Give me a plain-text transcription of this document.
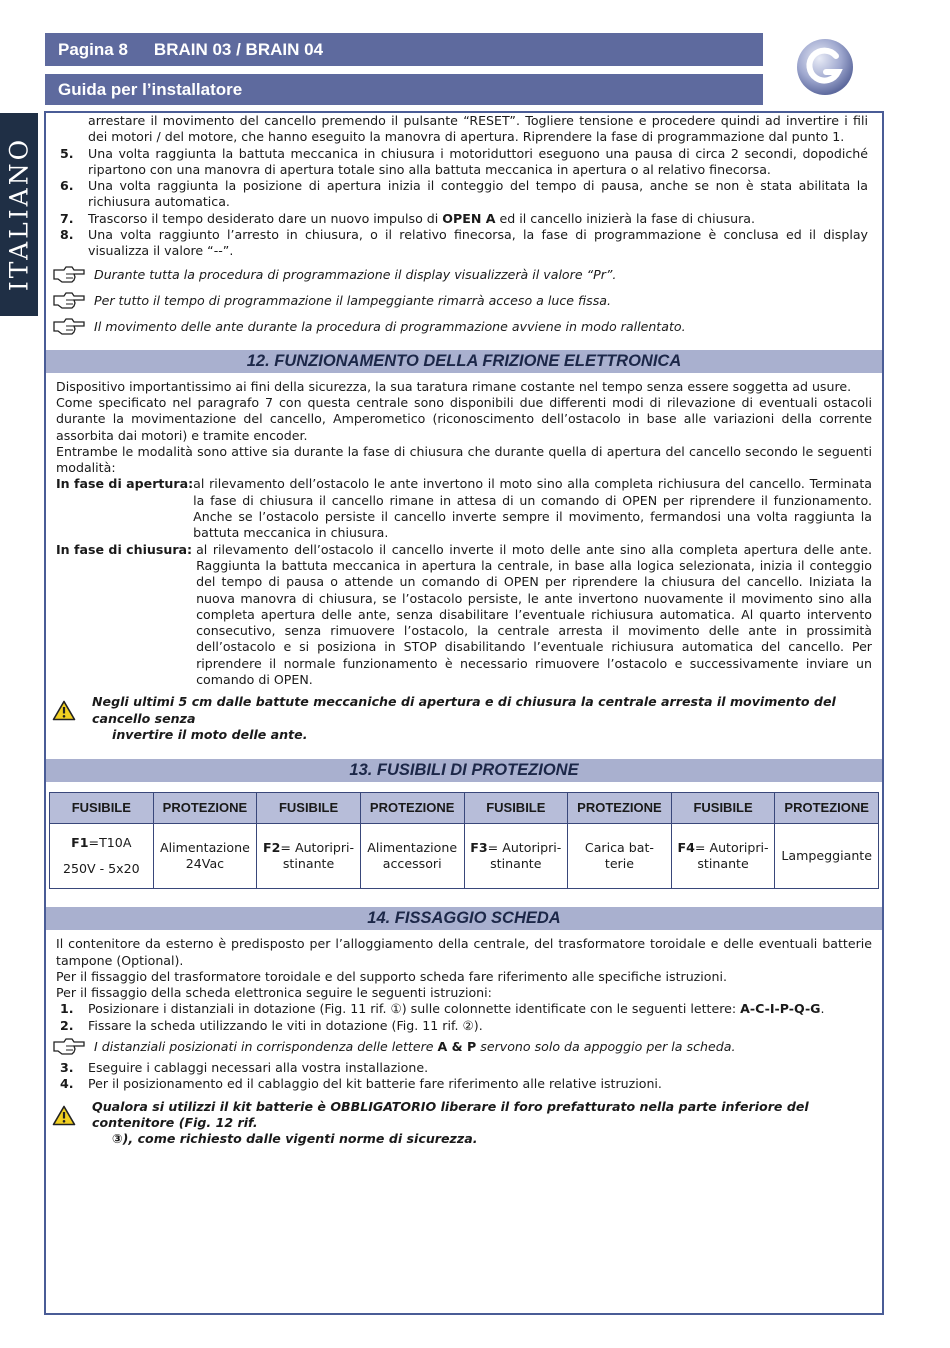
Pagina 8 BRAIN 03 / BRAIN 04
Guida per l’installatore
ITALIANO
arrestare il movimento del cancello premendo il pulsante “RESET”. Togliere tensione e procedere quindi ad invertire i fili dei motori / del motore, che hanno eseguito la manovra di apertura. Riprendere la fase di programmazione dal punto 1.
5.	Una volta raggiunta la battuta meccanica in chiusura i motoriduttori eseguono una pausa di circa 2 secondi, dopodiché ripartono con una manovra di apertura totale sino alla battuta meccanica in apertura o al relativo finecorsa.
6.	Una volta raggiunta la posizione di apertura inizia il conteggio del tempo di pausa, anche se non è stata abilitata la richiusura automatica.
7.	Trascorso il tempo desiderato dare un nuovo impulso di OPEN A ed il cancello inizierà la fase di chiusura.
8.	Una volta raggiunto l’arresto in chiusura, o il relativo finecorsa, la fase di programmazione è conclusa ed il display visualizza il valore “--”.
Durante tutta la procedura di programmazione il display visualizzerà il valore “Pr”.
Per tutto il tempo di programmazione il lampeggiante rimarrà acceso a luce fissa.
Il movimento delle ante durante la procedura di programmazione avviene in modo rallentato.
12. FUNZIONAMENTO DELLA FRIZIONE ELETTRONICA
Dispositivo importantissimo ai fini della sicurezza, la sua taratura rimane costante nel tempo senza essere soggetta ad usure.
Come specificato nel paragrafo 7 con questa centrale sono disponibili due differenti modi di rilevazione di eventuali ostacoli durante la movimentazione del cancello, Amperometico (riconoscimento dell’ostacolo in base alle variazioni della corrente assorbita dai motori) e tramite encoder.
Entrambe le modalità sono attive sia durante la fase di chiusura che durante quella di apertura del cancello secondo le seguenti modalità:
In fase di apertura: al rilevamento dell’ostacolo le ante invertono il moto sino alla completa richiusura del cancello. Terminata la fase di chiusura il cancello rimane in attesa di un comando di OPEN per riprendere il funzionamento. Anche se l’ostacolo persiste il cancello inverte sempre il movimento, fermandosi una volta raggiunta la battuta meccanica in chiusura.
In fase di chiusura: al rilevamento dell’ostacolo il cancello inverte il moto delle ante sino alla completa apertura delle ante. Raggiunta la battuta meccanica in apertura la centrale, in base alla logica selezionata, inizia il conteggio del tempo di pausa o attende un comando di OPEN per riprendere la chiusura del cancello. Iniziata la nuova manovra di chiusura, se l’ostacolo persiste, le ante invertono nuovamente il movimento sino alla completa apertura delle ante, senza disabilitare l’eventuale richiusura automatica. Al quarto intervento consecutivo, senza rimuovere l’ostacolo, la centrale arresta il movimento delle ante in prossimità dell’ostacolo e si posiziona in STOP disabilitando l’eventuale richiusura automatica del cancello. Per riprendere il normale funzionamento è necessario rimuovere l’ostacolo e successivamente inviare un comando di OPEN.
Negli ultimi 5 cm dalle battute meccaniche di apertura e di chiusura la centrale arresta il movimento del cancello senza
invertire il moto delle ante.
13. FUSIBILI DI PROTEZIONE
FUSIBILE	PROTEZIONE	FUSIBILE	PROTEZIONE	FUSIBILE	PROTEZIONE	FUSIBILE	PROTEZIONE
F1=T10A
250V - 5x20	Alimentazione 24Vac	F2= Autoripri-stinante	Alimentazione accessori	F3= Autoripri-stinante	Carica bat-terie	F4= Autoripri-stinante	Lampeggiante
14. FISSAGGIO SCHEDA
Il contenitore da esterno è predisposto per l’alloggiamento della centrale, del trasformatore toroidale e delle eventuali batterie tampone (Optional).
Per il fissaggio del trasformatore toroidale e del supporto scheda fare riferimento alle specifiche istruzioni.
Per il fissaggio della scheda elettronica seguire le seguenti istruzioni:
1.	Posizionare i distanziali in dotazione (Fig. 11 rif. ①) sulle colonnette identificate con le seguenti lettere: A-C-I-P-Q-G.
2.	Fissare la scheda utilizzando le viti in dotazione (Fig. 11 rif. ②).
I distanziali posizionati in corrispondenza delle lettere A & P servono solo da appoggio per la scheda.
3.	Eseguire i cablaggi necessari alla vostra installazione.
4.	Per il posizionamento ed il cablaggio del kit batterie fare riferimento alle relative istruzioni.
Qualora si utilizzi il kit batterie è OBBLIGATORIO liberare il foro prefatturato nella parte inferiore del contenitore (Fig. 12 rif.
③), come richiesto dalle vigenti norme di sicurezza.
